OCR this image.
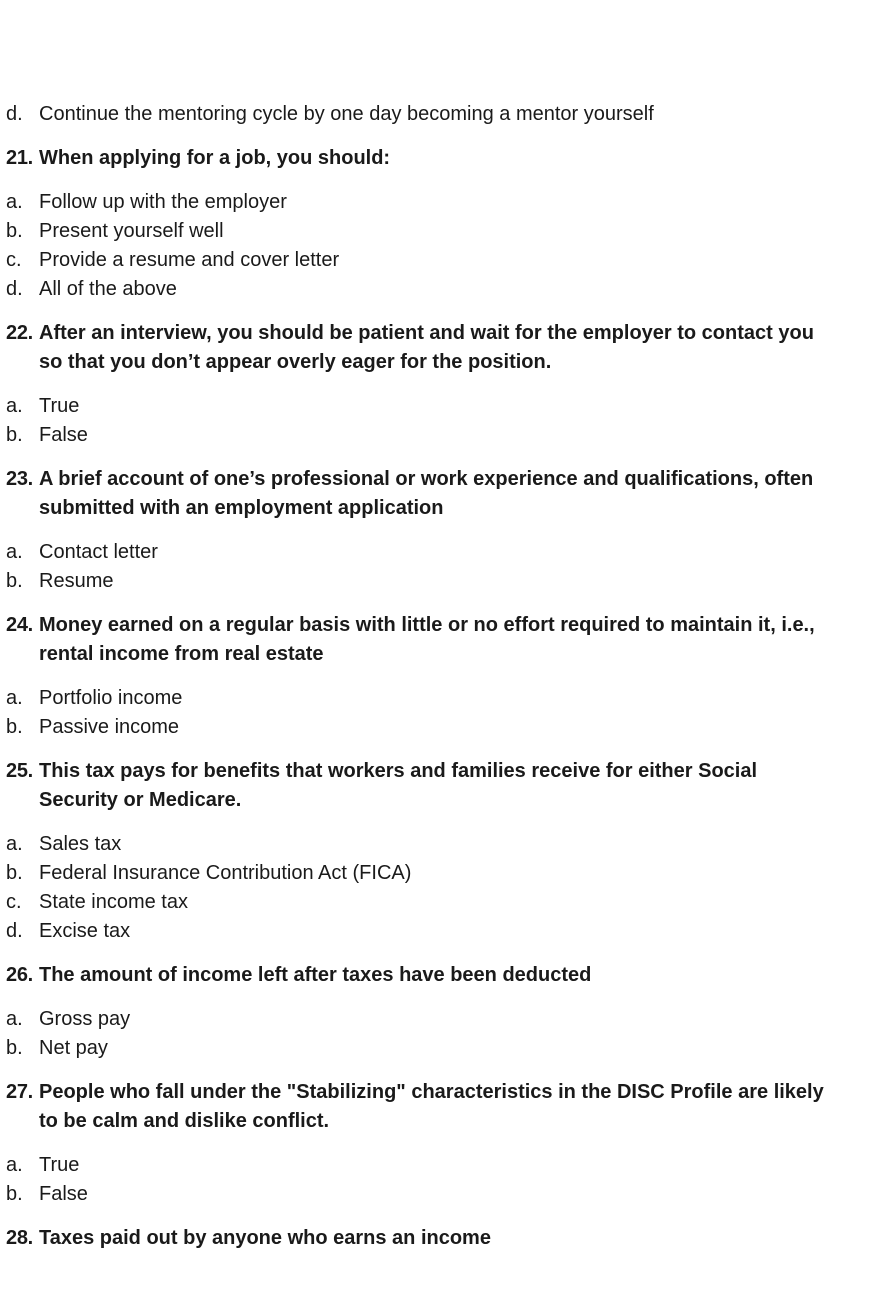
d. Continue the mentoring cycle by one day becoming a mentor yourself
21. When applying for a job, you should:
a. Follow up with the employer
b. Present yourself well
c. Provide a resume and cover letter
d. All of the above
22. After an interview, you should be patient and wait for the employer to contact you so that you don’t appear overly eager for the position.
a. True
b. False
23. A brief account of one’s professional or work experience and qualifications, often submitted with an employment application
a. Contact letter
b. Resume
24. Money earned on a regular basis with little or no effort required to maintain it, i.e., rental income from real estate
a. Portfolio income
b. Passive income
25. This tax pays for benefits that workers and families receive for either Social Security or Medicare.
a. Sales tax
b. Federal Insurance Contribution Act (FICA)
c. State income tax
d. Excise tax
26. The amount of income left after taxes have been deducted
a. Gross pay
b. Net pay
27. People who fall under the "Stabilizing" characteristics in the DISC Profile are likely to be calm and dislike conflict.
a. True
b. False
28. Taxes paid out by anyone who earns an income
